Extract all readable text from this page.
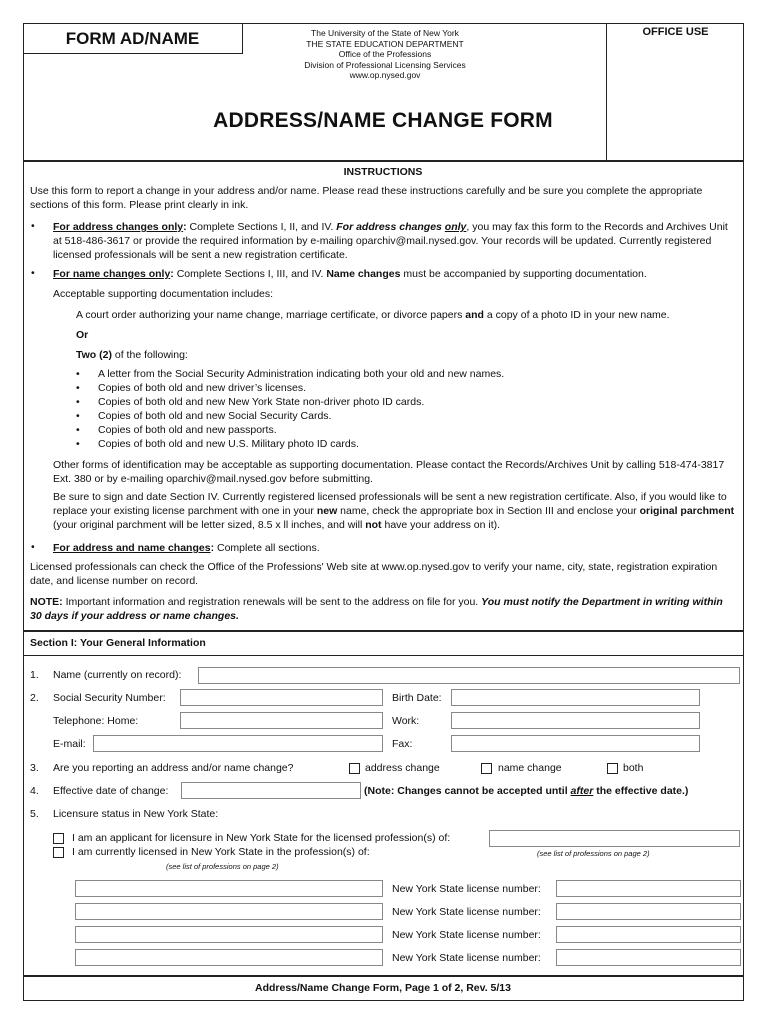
FORM AD/NAME	OFFICE USE
The University of the State of New York
THE STATE EDUCATION DEPARTMENT
Office of the Professions
Division of Professional Licensing Services
www.op.nysed.gov
ADDRESS/NAME CHANGE FORM
INSTRUCTIONS
Use this form to report a change in your address and/or name. Please read these instructions carefully and be sure you complete the appropriate sections of this form. Please print clearly in ink.
• For address changes only: Complete Sections I, II, and IV. For address changes only, you may fax this form to the Records and Archives Unit at 518-486-3617 or provide the required information by e-mailing oparchiv@mail.nysed.gov. Your records will be updated. Currently registered licensed professionals will be sent a new registration certificate.
• For name changes only: Complete Sections I, III, and IV. Name changes must be accompanied by supporting documentation.
Acceptable supporting documentation includes:
A court order authorizing your name change, marriage certificate, or divorce papers and a copy of a photo ID in your new name.
Or
Two (2) of the following:
• A letter from the Social Security Administration indicating both your old and new names.
• Copies of both old and new driver’s licenses.
• Copies of both old and new New York State non-driver photo ID cards.
• Copies of both old and new Social Security Cards.
• Copies of both old and new passports.
• Copies of both old and new U.S. Military photo ID cards.
Other forms of identification may be acceptable as supporting documentation. Please contact the Records/Archives Unit by calling 518-474-3817 Ext. 380 or by e-mailing oparchiv@mail.nysed.gov before submitting.
Be sure to sign and date Section IV. Currently registered licensed professionals will be sent a new registration certificate. Also, if you would like to replace your existing license parchment with one in your new name, check the appropriate box in Section III and enclose your original parchment (your original parchment will be letter sized, 8.5 x ll inches, and will not have your address on it).
• For address and name changes: Complete all sections.
Licensed professionals can check the Office of the Professions' Web site at www.op.nysed.gov to verify your name, city, state, registration expiration date, and license number on record.
NOTE: Important information and registration renewals will be sent to the address on file for you. You must notify the Department in writing within 30 days if your address or name changes.
Section I: Your General Information
1. Name (currently on record):
2. Social Security Number:	Birth Date:
Telephone: Home:	Work:
E-mail:	Fax:
3. Are you reporting an address and/or name change?	address change	name change	both
4. Effective date of change:	(Note: Changes cannot be accepted until after the effective date.)
5. Licensure status in New York State:
I am an applicant for licensure in New York State for the licensed profession(s) of:
I am currently licensed in New York State in the profession(s) of:	(see list of professions on page 2)
(see list of professions on page 2)
New York State license number:
New York State license number:
New York State license number:
New York State license number:
Address/Name Change Form, Page 1 of 2, Rev. 5/13
